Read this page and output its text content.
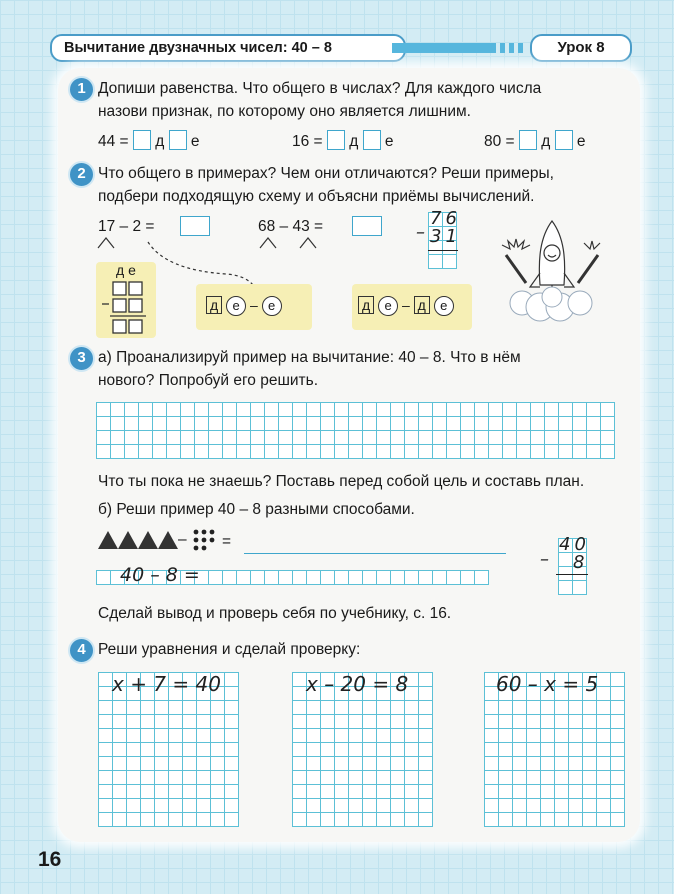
Вычитание двузначных чисел: 40 – 8	Урок 8
1 Допиши равенства. Что общего в числах? Для каждого числа
назови признак, по которому оно является лишним.
44 = д е	16 = д е	80 = д е
2 Что общего в примерах? Чем они отличаются? Реши примеры,
подбери подходящую схему и объясни приёмы вычислений.
17 – 2 =	68 – 43 =	–
76
31
д е
д е – е	д е – д е
3 а) Проанализируй пример на вычитание: 40 – 8. Что в нём
нового? Попробуй его решить.
Что ты пока не знаешь? Поставь перед собой цель и составь план.
б) Реши пример 40 – 8 разными способами.
– =
–
40
8
40 – 8 =
Сделай вывод и проверь себя по учебнику, с. 16.
4 Реши уравнения и сделай проверку:
x + 7 = 40	x – 20 = 8	60 – x = 5
16
